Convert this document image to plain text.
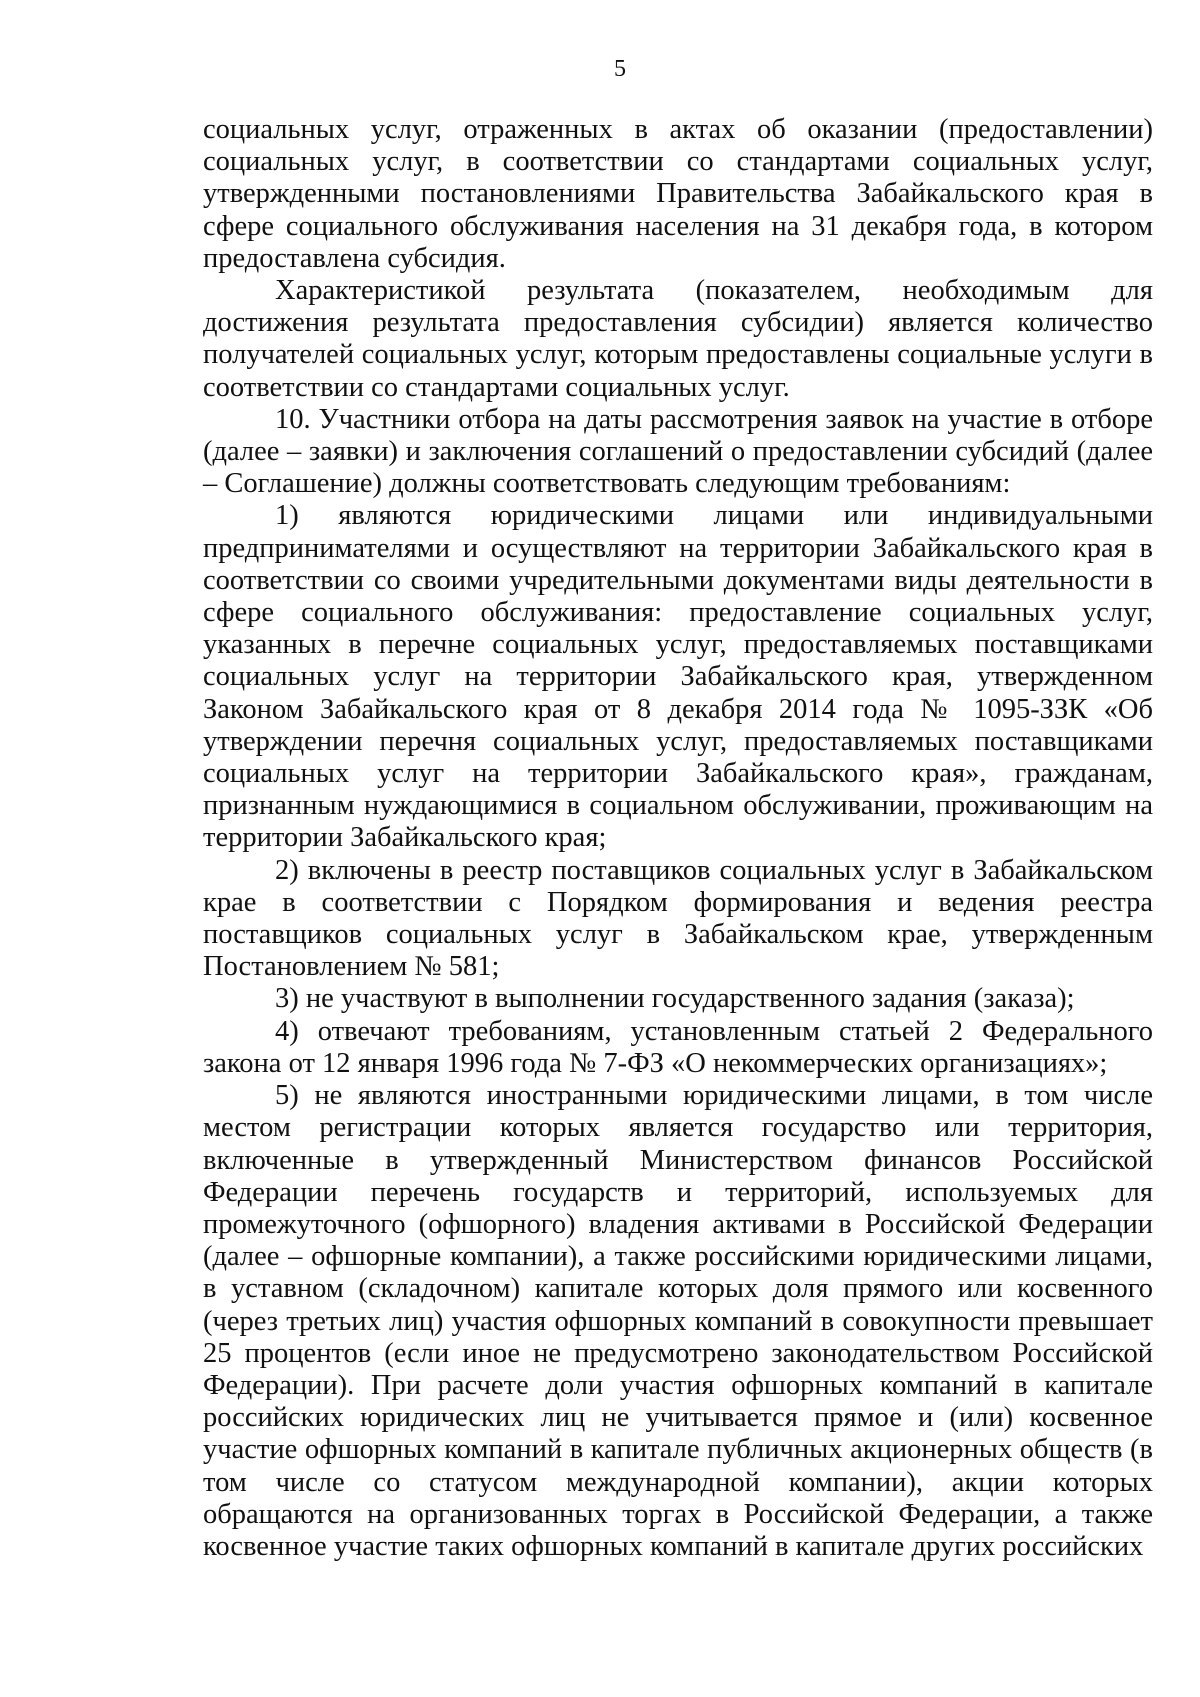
5

социальных услуг, отраженных в актах об оказании (предоставлении) социальных услуг, в соответствии со стандартами социальных услуг, утвержденными постановлениями Правительства Забайкальского края в сфере социального обслуживания населения на 31 декабря года, в котором предоставлена субсидия.

Характеристикой результата (показателем, необходимым для достижения результата предоставления субсидии) является количество получателей социальных услуг, которым предоставлены социальные услуги в соответствии со стандартами социальных услуг.

10. Участники отбора на даты рассмотрения заявок на участие в отборе (далее – заявки) и заключения соглашений о предоставлении субсидий (далее – Соглашение) должны соответствовать следующим требованиям:

1) являются юридическими лицами или индивидуальными предпринимателями и осуществляют на территории Забайкальского края в соответствии со своими учредительными документами виды деятельности в сфере социального обслуживания: предоставление социальных услуг, указанных в перечне социальных услуг, предоставляемых поставщиками социальных услуг на территории Забайкальского края, утвержденном Законом Забайкальского края от 8 декабря 2014 года № 1095-ЗЗК «Об утверждении перечня социальных услуг, предоставляемых поставщиками социальных услуг на территории Забайкальского края», гражданам, признанным нуждающимися в социальном обслуживании, проживающим на территории Забайкальского края;

2) включены в реестр поставщиков социальных услуг в Забайкальском крае в соответствии с Порядком формирования и ведения реестра поставщиков социальных услуг в Забайкальском крае, утвержденным Постановлением № 581;

3) не участвуют в выполнении государственного задания (заказа);

4) отвечают требованиям, установленным статьей 2 Федерального закона от 12 января 1996 года № 7-ФЗ «О некоммерческих организациях»;

5) не являются иностранными юридическими лицами, в том числе местом регистрации которых является государство или территория, включенные в утвержденный Министерством финансов Российской Федерации перечень государств и территорий, используемых для промежуточного (офшорного) владения активами в Российской Федерации (далее – офшорные компании), а также российскими юридическими лицами, в уставном (складочном) капитале которых доля прямого или косвенного (через третьих лиц) участия офшорных компаний в совокупности превышает 25 процентов (если иное не предусмотрено законодательством Российской Федерации). При расчете доли участия офшорных компаний в капитале российских юридических лиц не учитывается прямое и (или) косвенное участие офшорных компаний в капитале публичных акционерных обществ (в том числе со статусом международной компании), акции которых обращаются на организованных торгах в Российской Федерации, а также косвенное участие таких офшорных компаний в капитале других российских
